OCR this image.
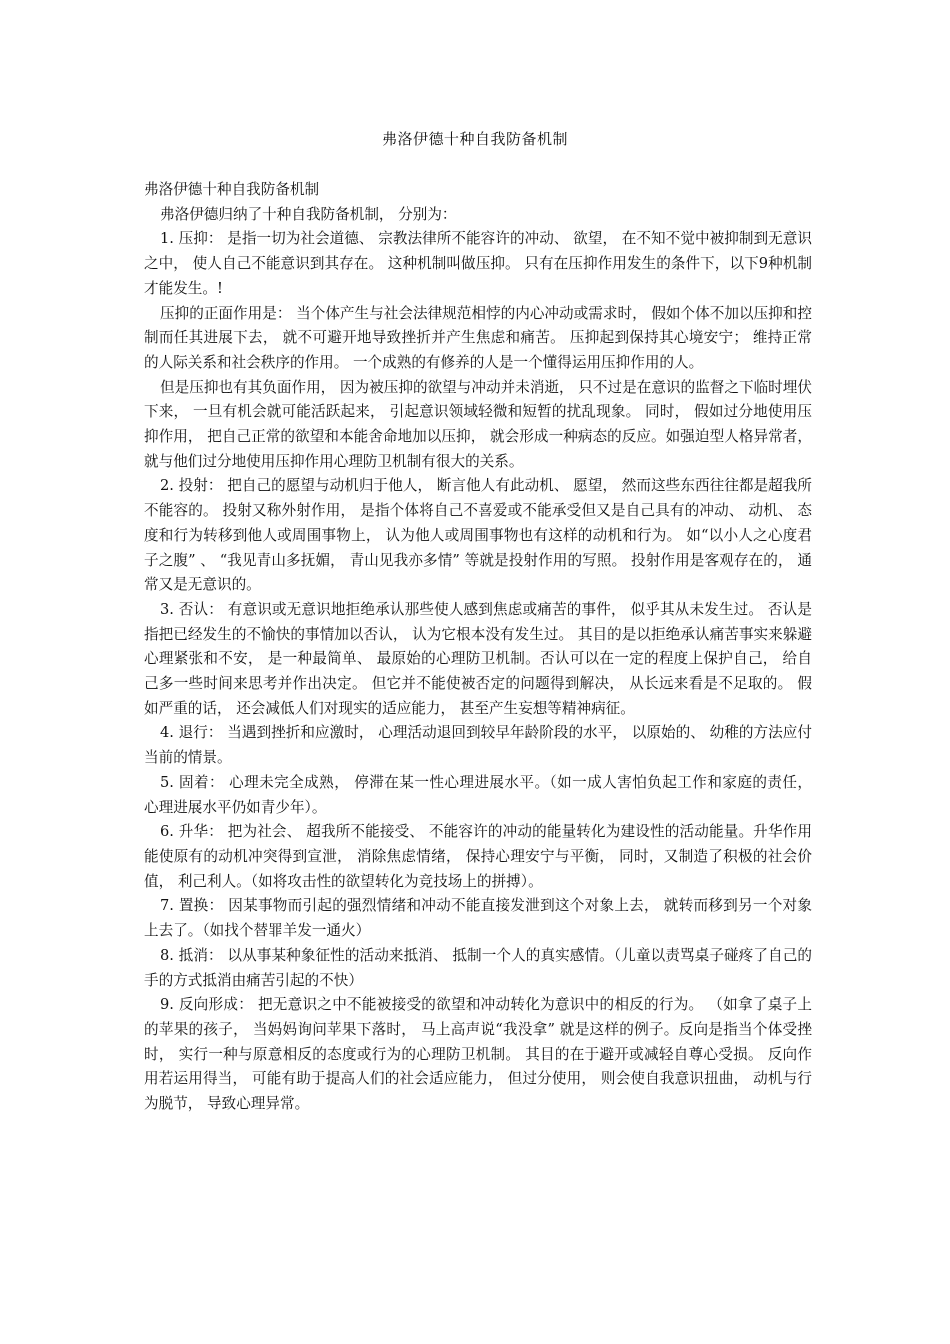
弗洛伊德十种自我防备机制

弗洛伊德十种自我防备机制

弗洛伊德归纳了十种自我防备机制， 分别为：

1. 压抑： 是指一切为社会道德、 宗教法律所不能容许的冲动、 欲望， 在不知不觉中被抑制到无意识之中， 使人自己不能意识到其存在。 这种机制叫做压抑。 只有在压抑作用发生的条件下，以下9种机制才能发生。!

压抑的正面作用是： 当个体产生与社会法律规范相悖的内心冲动或需求时， 假如个体不加以压抑和控制而任其进展下去， 就不可避开地导致挫折并产生焦虑和痛苦。 压抑起到保持其心境安宁； 维持正常的人际关系和社会秩序的作用。 一个成熟的有修养的人是一个懂得运用压抑作用的人。

但是压抑也有其负面作用， 因为被压抑的欲望与冲动并未消逝， 只不过是在意识的监督之下临时埋伏下来， 一旦有机会就可能活跃起来， 引起意识领域轻微和短暂的扰乱现象。 同时， 假如过分地使用压抑作用， 把自己正常的欲望和本能舍命地加以压抑， 就会形成一种病态的反应。如强迫型人格异常者， 就与他们过分地使用压抑作用心理防卫机制有很大的关系。

2. 投射： 把自己的愿望与动机归于他人， 断言他人有此动机、 愿望， 然而这些东西往往都是超我所不能容的。 投射又称外射作用， 是指个体将自己不喜爱或不能承受但又是自己具有的冲动、 动机、 态度和行为转移到他人或周围事物上， 认为他人或周围事物也有这样的动机和行为。 如“以小人之心度君子之腹” 、 “我见青山多抚媚， 青山见我亦多情” 等就是投射作用的写照。 投射作用是客观存在的， 通常又是无意识的。

3. 否认： 有意识或无意识地拒绝承认那些使人感到焦虑或痛苦的事件， 似乎其从未发生过。 否认是指把已经发生的不愉快的事情加以否认， 认为它根本没有发生过。 其目的是以拒绝承认痛苦事实来躲避心理紧张和不安， 是一种最简单、 最原始的心理防卫机制。否认可以在一定的程度上保护自己， 给自己多一些时间来思考并作出决定。 但它并不能使被否定的问题得到解决， 从长远来看是不足取的。 假如严重的话， 还会减低人们对现实的适应能力， 甚至产生妄想等精神病征。

4. 退行： 当遇到挫折和应激时， 心理活动退回到较早年龄阶段的水平， 以原始的、 幼稚的方法应付当前的情景。

5. 固着： 心理未完全成熟， 停滞在某一性心理进展水平。（如一成人害怕负起工作和家庭的责任， 心理进展水平仍如青少年）。

6. 升华： 把为社会、 超我所不能接受、 不能容许的冲动的能量转化为建设性的活动能量。升华作用能使原有的动机冲突得到宣泄， 消除焦虑情绪， 保持心理安宁与平衡， 同时，又制造了积极的社会价值， 利己利人。（如将攻击性的欲望转化为竞技场上的拼搏）。

7. 置换： 因某事物而引起的强烈情绪和冲动不能直接发泄到这个对象上去， 就转而移到另一个对象上去了。（如找个替罪羊发一通火）

8. 抵消： 以从事某种象征性的活动来抵消、 抵制一个人的真实感情。（儿童以责骂桌子碰疼了自己的手的方式抵消由痛苦引起的不快）

9. 反向形成： 把无意识之中不能被接受的欲望和冲动转化为意识中的相反的行为。 （如拿了桌子上的苹果的孩子， 当妈妈询问苹果下落时， 马上高声说“我没拿” 就是这样的例子。反向是指当个体受挫时， 实行一种与原意相反的态度或行为的心理防卫机制。 其目的在于避开或减轻自尊心受损。 反向作用若运用得当， 可能有助于提高人们的社会适应能力， 但过分使用， 则会使自我意识扭曲， 动机与行为脱节， 导致心理异常。
